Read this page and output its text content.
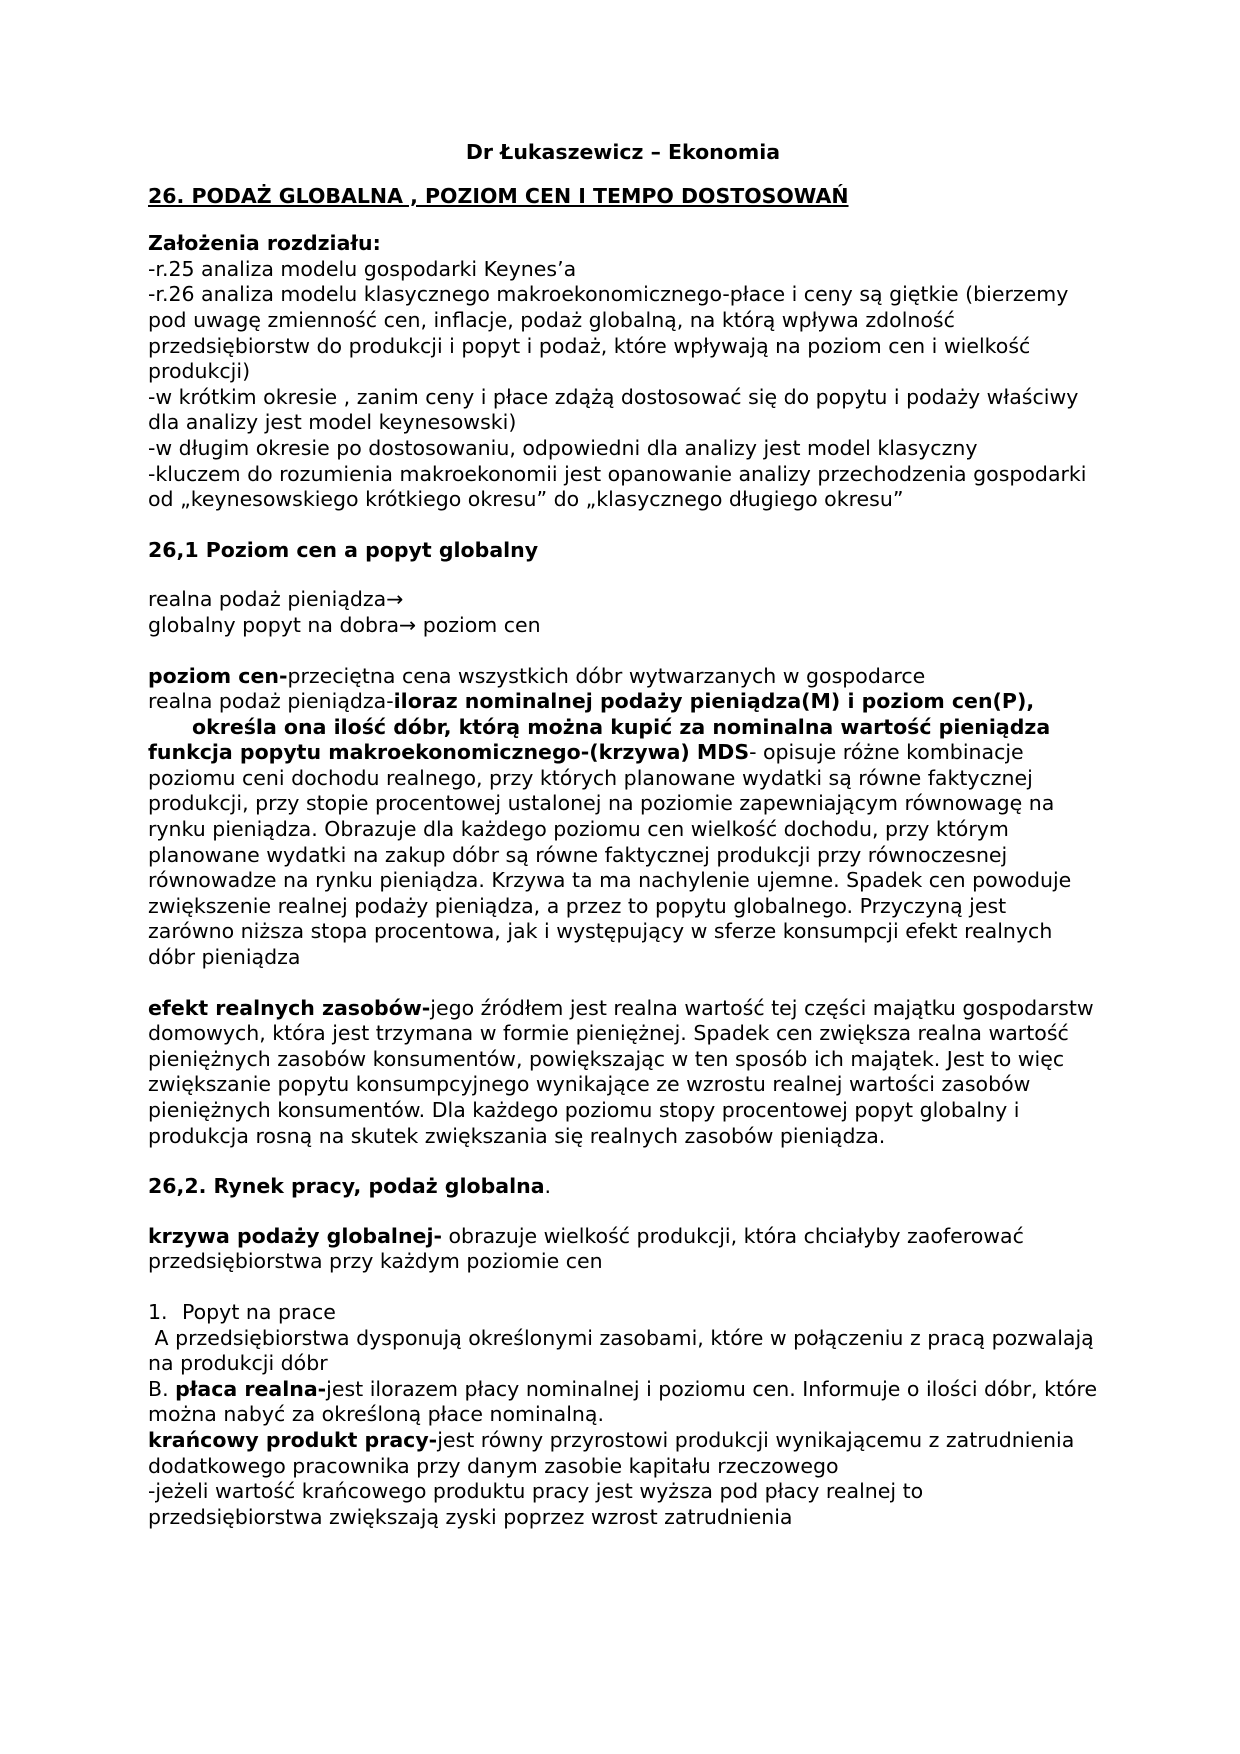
Dr Łukaszewicz – Ekonomia

26. PODAŻ GLOBALNA , POZIOM CEN I TEMPO DOSTOSOWAŃ

Założenia rozdziału:

-r.25 analiza modelu gospodarki Keynes’a

-r.26 analiza modelu klasycznego makroekonomicznego-płace i ceny są giętkie (bierzemy pod uwagę zmienność cen, inflacje, podaż globalną, na którą wpływa zdolność przedsiębiorstw do produkcji i popyt i podaż, które wpływają na poziom cen i wielkość produkcji)

-w krótkim okresie , zanim ceny i płace zdążą dostosować się do popytu i podaży właściwy dla analizy jest model keynesowski)

-w długim okresie po dostosowaniu, odpowiedni dla analizy jest model klasyczny

-kluczem do rozumienia makroekonomii jest opanowanie analizy przechodzenia gospodarki od „keynesowskiego krótkiego okresu” do „klasycznego długiego okresu”

26,1 Poziom cen a popyt globalny

realna podaż pieniądza→

globalny popyt na dobra→ poziom cen

poziom cen-przeciętna cena wszystkich dóbr wytwarzanych w gospodarce

realna podaż pieniądza-iloraz nominalnej podaży pieniądza(M) i poziom cen(P), określa ona ilość dóbr, którą można kupić za nominalna wartość pieniądza

funkcja popytu makroekonomicznego-(krzywa) MDS- opisuje różne kombinacje poziomu ceni dochodu realnego, przy których planowane wydatki są równe faktycznej produkcji, przy stopie procentowej ustalonej na poziomie zapewniającym równowagę na rynku pieniądza. Obrazuje dla każdego poziomu cen wielkość dochodu, przy którym planowane wydatki na zakup dóbr są równe faktycznej produkcji przy równoczesnej równowadze na rynku pieniądza. Krzywa ta ma nachylenie ujemne. Spadek cen powoduje zwiększenie realnej podaży pieniądza, a przez to popytu globalnego. Przyczyną jest zarówno niższa stopa procentowa, jak i występujący w sferze konsumpcji efekt realnych dóbr pieniądza

efekt realnych zasobów-jego źródłem jest realna wartość tej części majątku gospodarstw domowych, która jest trzymana w formie pieniężnej. Spadek cen zwiększa realna wartość pieniężnych zasobów konsumentów, powiększając w ten sposób ich majątek. Jest to więc zwiększanie popytu konsumpcyjnego wynikające ze wzrostu realnej wartości zasobów pieniężnych konsumentów. Dla każdego poziomu stopy procentowej popyt globalny i produkcja rosną na skutek zwiększania się realnych zasobów pieniądza.

26,2. Rynek pracy, podaż globalna.

krzywa podaży globalnej- obrazuje wielkość produkcji, która chciałyby zaoferować przedsiębiorstwa przy każdym poziomie cen

1. Popyt na prace

A przedsiębiorstwa dysponują określonymi zasobami, które w połączeniu z pracą pozwalają na produkcji dóbr

B. płaca realna-jest ilorazem płacy nominalnej i poziomu cen. Informuje o ilości dóbr, które można nabyć za określoną płace nominalną.

krańcowy produkt pracy-jest równy przyrostowi produkcji wynikającemu z zatrudnienia dodatkowego pracownika przy danym zasobie kapitału rzeczowego

-jeżeli wartość krańcowego produktu pracy jest wyższa pod płacy realnej to przedsiębiorstwa zwiększają zyski poprzez wzrost zatrudnienia
